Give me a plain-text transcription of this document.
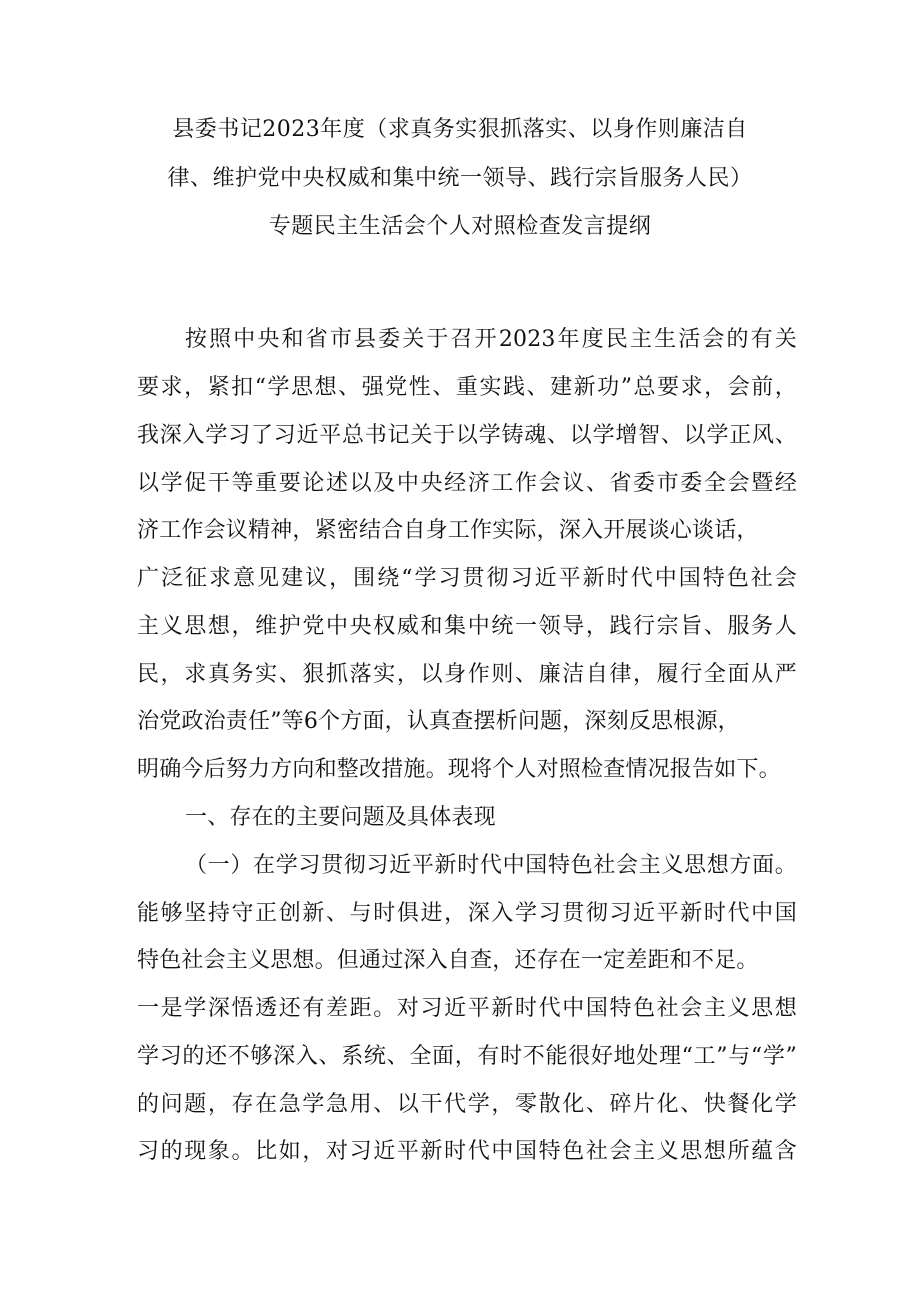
县委书记2023年度（求真务实狠抓落实、以身作则廉洁自
律、维护党中央权威和集中统一领导、践行宗旨服务人民）
专题民主生活会个人对照检查发言提纲
按照中央和省市县委关于召开2023年度民主生活会的有关
要求，紧扣“学思想、强党性、重实践、建新功”总要求，会前，
我深入学习了习近平总书记关于以学铸魂、以学增智、以学正风、
以学促干等重要论述以及中央经济工作会议、省委市委全会暨经
济工作会议精神，紧密结合自身工作实际，深入开展谈心谈话，
广泛征求意见建议，围绕“学习贯彻习近平新时代中国特色社会
主义思想，维护党中央权威和集中统一领导，践行宗旨、服务人
民，求真务实、狠抓落实，以身作则、廉洁自律，履行全面从严
治党政治责任”等6个方面，认真查摆析问题，深刻反思根源，
明确今后努力方向和整改措施。现将个人对照检查情况报告如下。
一、存在的主要问题及具体表现
（一）在学习贯彻习近平新时代中国特色社会主义思想方面。
能够坚持守正创新、与时俱进，深入学习贯彻习近平新时代中国
特色社会主义思想。但通过深入自查，还存在一定差距和不足。
一是学深悟透还有差距。对习近平新时代中国特色社会主义思想
学习的还不够深入、系统、全面，有时不能很好地处理“工”与“学”
的问题，存在急学急用、以干代学，零散化、碎片化、快餐化学
习的现象。比如，对习近平新时代中国特色社会主义思想所蕴含
